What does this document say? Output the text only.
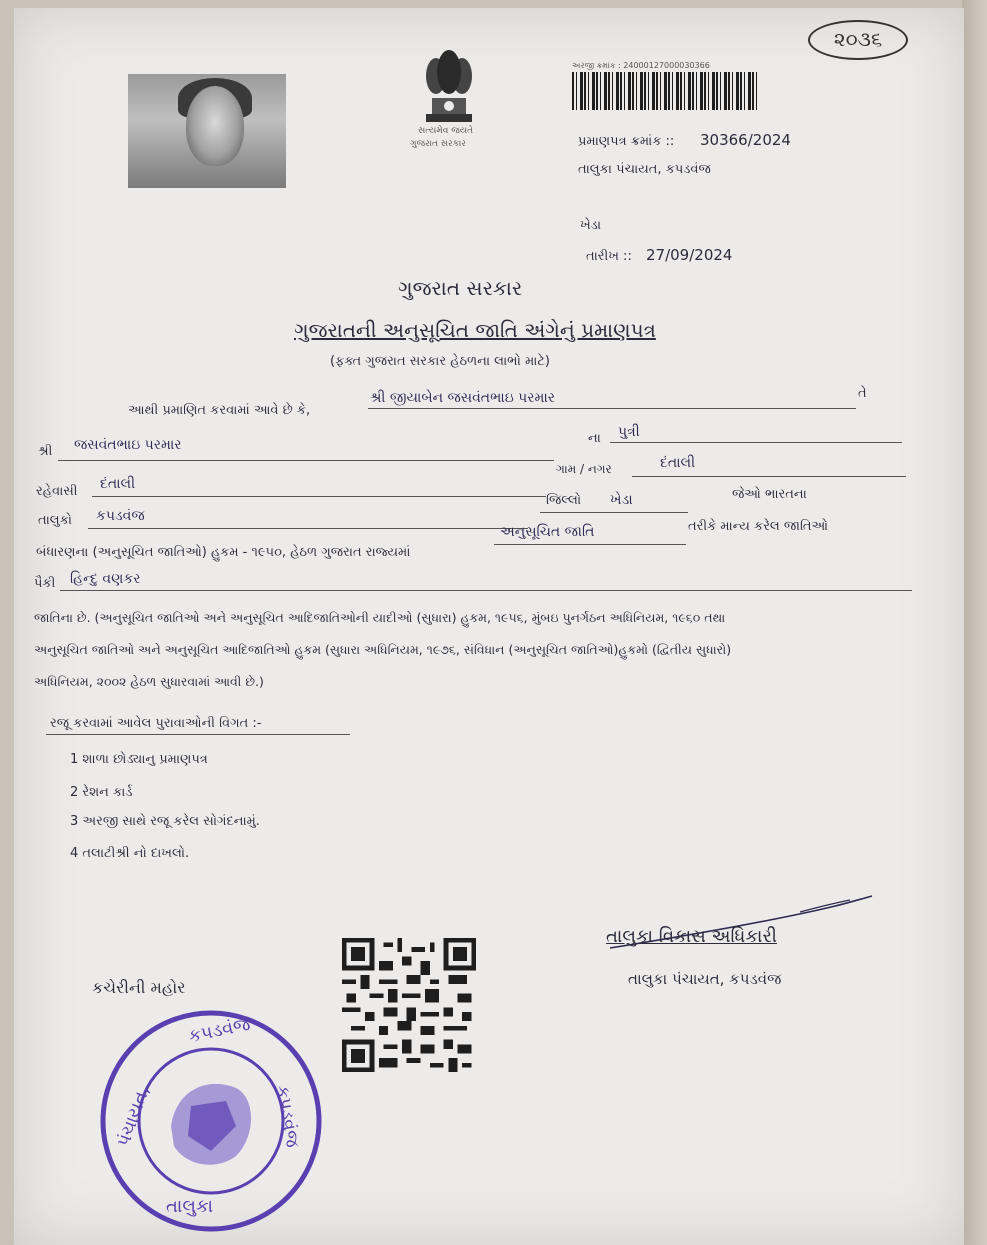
૨૦૩૬
સત્યમેવ જયતે
ગુજરાત સરકાર
અરજી ક્રમાંક : 24000127000030366
પ્રમાણપત્ર ક્રમાંક :: 30366/2024
તાલુકા પંચાયત, કપડવંજ
ખેડા
તારીખ :: 27/09/2024
ગુજરાત સરકાર
ગુજરાતની અનુસૂચિત જાતિ અંગેનું પ્રમાણપત્ર
(ફક્ત ગુજરાત સરકાર હેઠળના લાભો માટે)
આથી પ્રમાણિત કરવામાં આવે છે કે,
શ્રી જીયાબેન જસવંતભાઇ પરમાર	તે
શ્રી જસવંતભાઇ પરમાર	ના પુત્રી
ગામ / નગર	દંતાલી
રહેવાસી દંતાલી
તાલુકો કપડવંજ
જિલ્લો ખેડા	જેઓ ભારતના
બંધારણના (અનુસૂચિત જાતિઓ) હુકમ - ૧૯૫૦, હેઠળ ગુજરાત રાજ્યમાં
અનુસૂચિત જાતિ	તરીકે માન્ય કરેલ જાતિઓ
પૈકી હિન્દુ વણકર
જાતિના છે. (અનુસૂચિત જાતિઓ અને અનુસૂચિત આદિજાતિઓની યાદીઓ (સુધારા) હુકમ, ૧૯૫૬, મુંબઇ પુનર્ગઠન અધિનિયમ, ૧૯૬૦ તથા
અનુસૂચિત જાતિઓ અને અનુસૂચિત આદિજાતિઓ હુકમ (સુધારા અધિનિયમ, ૧૯૭૬, સંવિધાન (અનુસૂચિત જાતિઓ)હુકમો (દ્વિતીય સુધારો)
અધિનિયમ, ૨૦૦૨ હેઠળ સુધારવામાં આવી છે.)
રજૂ કરવામાં આવેલ પુરાવાઓની વિગત :-
1 શાળા છોડ્યાનુ પ્રમાણપત્ર
2 રેશન કાર્ડ
3 અરજી સાથે રજૂ કરેલ સોગંદનામું.
4 તલાટીશ્રી નો દાખલો.
કચેરીની મહોર
તાલુકા વિકાસ અધિકારી
તાલુકા પંચાયત, કપડવંજ
કપડવંજ
પંચાયત,	કપડવંજ
તાલુકા
